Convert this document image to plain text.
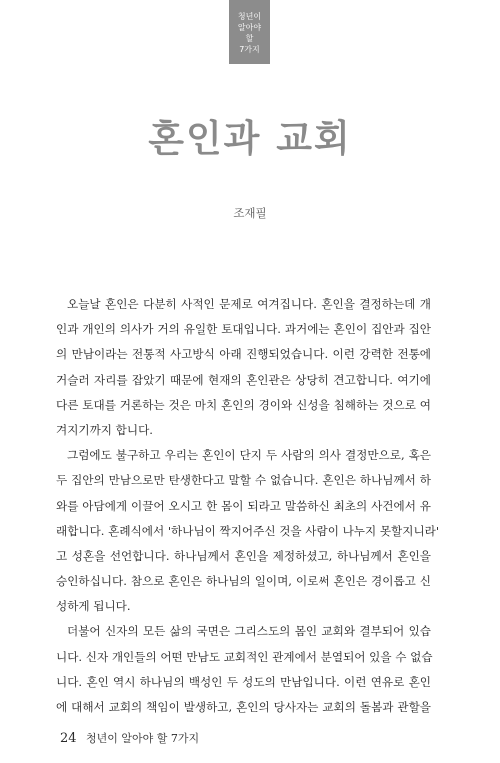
청년이
알아야
할
7가지
혼인과 교회
조재필
오늘날 혼인은 다분히 사적인 문제로 여겨집니다. 혼인을 결정하는데 개
인과 개인의 의사가 거의 유일한 토대입니다. 과거에는 혼인이 집안과 집안
의 만남이라는 전통적 사고방식 아래 진행되었습니다. 이런 강력한 전통에
거슬러 자리를 잡았기 때문에 현재의 혼인관은 상당히 견고합니다. 여기에
다른 토대를 거론하는 것은 마치 혼인의 경이와 신성을 침해하는 것으로 여
겨지기까지 합니다.
그럼에도 불구하고 우리는 혼인이 단지 두 사람의 의사 결정만으로, 혹은
두 집안의 만남으로만 탄생한다고 말할 수 없습니다. 혼인은 하나님께서 하
와를 아담에게 이끌어 오시고 한 몸이 되라고 말씀하신 최초의 사건에서 유
래합니다. 혼례식에서 '하나님이 짝지어주신 것을 사람이 나누지 못할지니라'
고 성혼을 선언합니다. 하나님께서 혼인을 제정하셨고, 하나님께서 혼인을
승인하십니다. 참으로 혼인은 하나님의 일이며, 이로써 혼인은 경이롭고 신
성하게 됩니다.
더불어 신자의 모든 삶의 국면은 그리스도의 몸인 교회와 결부되어 있습
니다. 신자 개인들의 어떤 만남도 교회적인 관계에서 분열되어 있을 수 없습
니다. 혼인 역시 하나님의 백성인 두 성도의 만남입니다. 이런 연유로 혼인
에 대해서 교회의 책임이 발생하고, 혼인의 당사자는 교회의 돌봄과 관할을
24 청년이 알아야 할 7가지
